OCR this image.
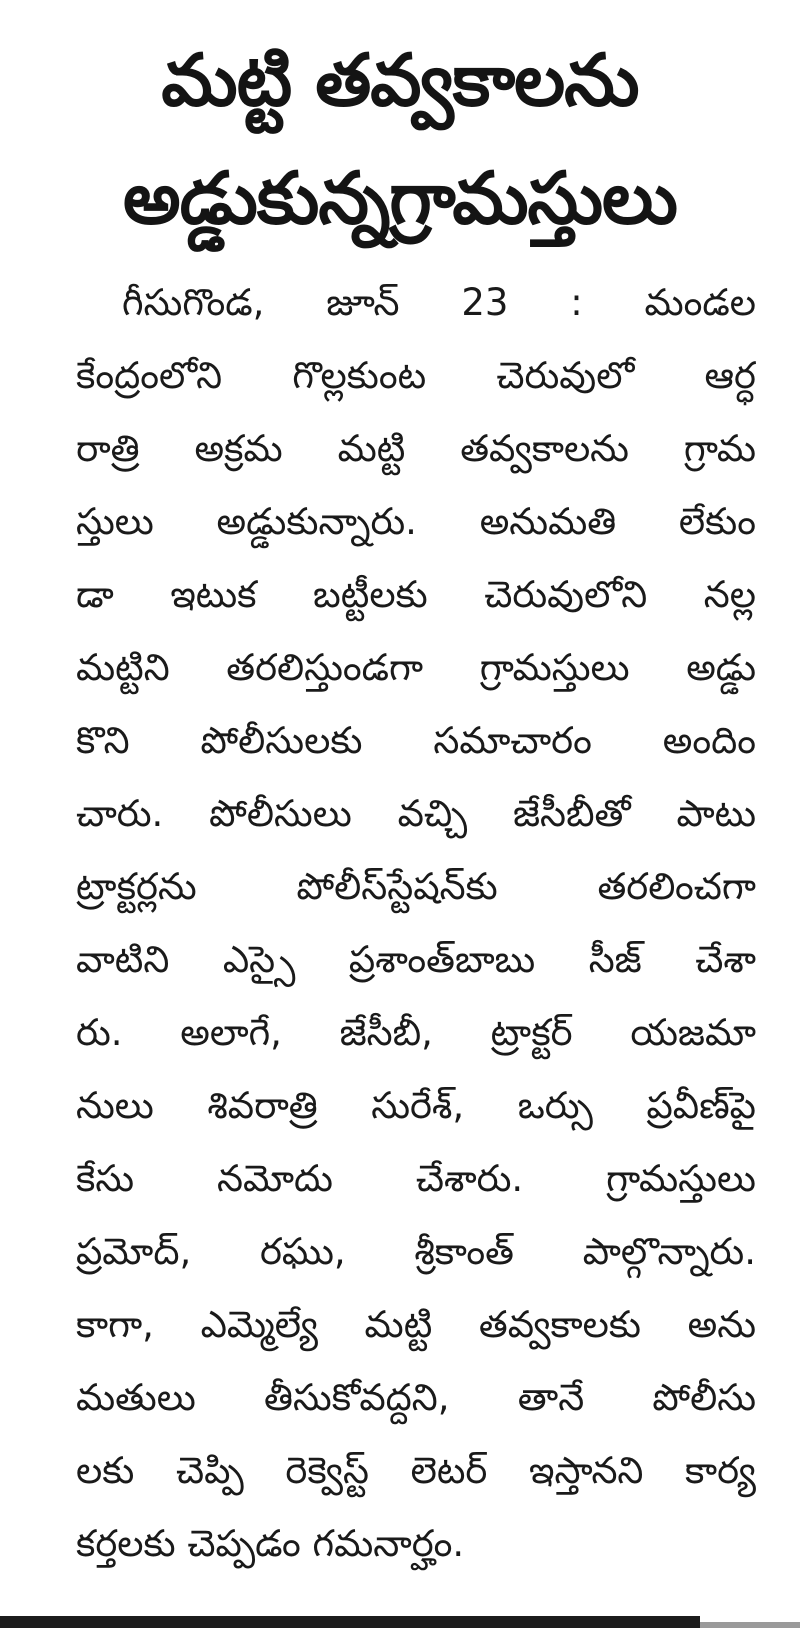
మట్టి తవ్వకాలను
అడ్డుకున్నగ్రామస్తులు
గీసుగొండ, జూన్ 23 : మండల
కేంద్రంలోని గొల్లకుంట చెరువులో ఆర్ధ
రాత్రి అక్రమ మట్టి తవ్వకాలను గ్రామ
స్తులు అడ్డుకున్నారు. అనుమతి లేకుం
డా ఇటుక బట్టీలకు చెరువులోని నల్ల
మట్టిని తరలిస్తుండగా గ్రామస్తులు అడ్డు
కొని పోలీసులకు సమాచారం అందిం
చారు. పోలీసులు వచ్చి జేసీబీతో పాటు
ట్రాక్టర్లను పోలీస్‌స్టేషన్‌కు తరలించగా
వాటిని ఎస్సై ప్రశాంత్‌బాబు సీజ్ చేశా
రు. అలాగే, జేసీబీ, ట్రాక్టర్ యజమా
నులు శివరాత్రి సురేశ్, ఒర్సు ప్రవీణ్‌పై
కేసు నమోదు చేశారు. గ్రామస్తులు
ప్రమోద్, రఘు, శ్రీకాంత్ పాల్గొన్నారు.
కాగా, ఎమ్మెల్యే మట్టి తవ్వకాలకు అను
మతులు తీసుకోవద్దని, తానే పోలీసు
లకు చెప్పి రెక్వెస్ట్ లెటర్ ఇస్తానని కార్య
కర్తలకు చెప్పడం గమనార్హం.
